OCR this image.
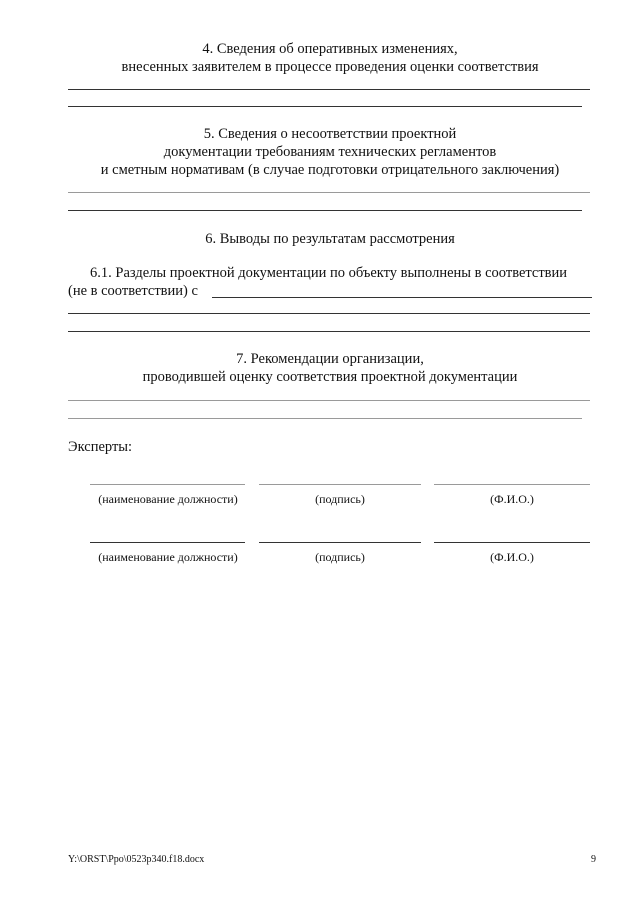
4. Сведения об оперативных изменениях,
внесенных заявителем в процессе проведения оценки соответствия
5. Сведения о несоответствии проектной
документации требованиям технических регламентов
и сметным нормативам (в случае подготовки отрицательного заключения)
6. Выводы по результатам рассмотрения
6.1. Разделы проектной документации по объекту выполнены в соответствии
(не в соответствии) с
7. Рекомендации организации,
проводившей оценку соответствия проектной документации
Эксперты:
(наименование должности)	(подпись)	(Ф.И.О.)
(наименование должности)	(подпись)	(Ф.И.О.)
Y:\ORST\Ppo\0523p340.f18.docx	9
